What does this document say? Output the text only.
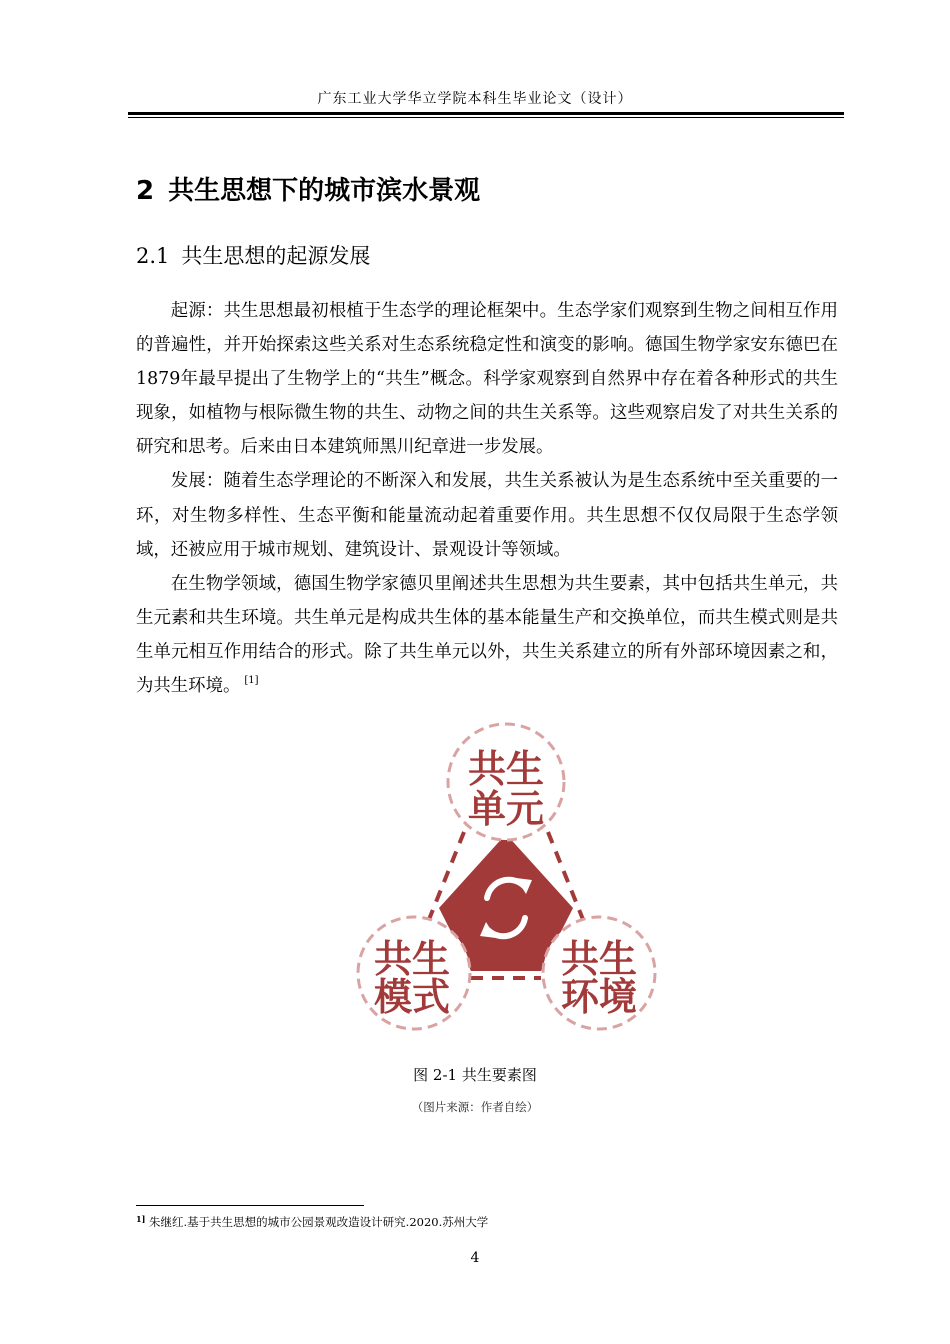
广东工业大学华立学院本科生毕业论文（设计）
2 共生思想下的城市滨水景观
2.1 共生思想的起源发展

起源：共生思想最初根植于生态学的理论框架中。生态学家们观察到生物之间相互作用的普遍性，并开始探索这些关系对生态系统稳定性和演变的影响。德国生物学家安东德巴在1879年最早提出了生物学上的“共生”概念。科学家观察到自然界中存在着各种形式的共生现象，如植物与根际微生物的共生、动物之间的共生关系等。这些观察启发了对共生关系的研究和思考。后来由日本建筑师黑川纪章进一步发展。

发展：随着生态学理论的不断深入和发展，共生关系被认为是生态系统中至关重要的一环，对生物多样性、生态平衡和能量流动起着重要作用。共生思想不仅仅局限于生态学领域，还被应用于城市规划、建筑设计、景观设计等领域。

在生物学领域，德国生物学家德贝里阐述共生思想为共生要素，其中包括共生单元，共生元素和共生环境。共生单元是构成共生体的基本能量生产和交换单位，而共生模式则是共生单元相互作用结合的形式。除了共生单元以外，共生关系建立的所有外部环境因素之和，为共生环境。 [1]

共生
单元
共生
模式
共生
环境
图 2-1 共生要素图
（图片来源：作者自绘）
$^{1]}$ 朱继红.基于共生思想的城市公园景观改造设计研究.2020.苏州大学
4
